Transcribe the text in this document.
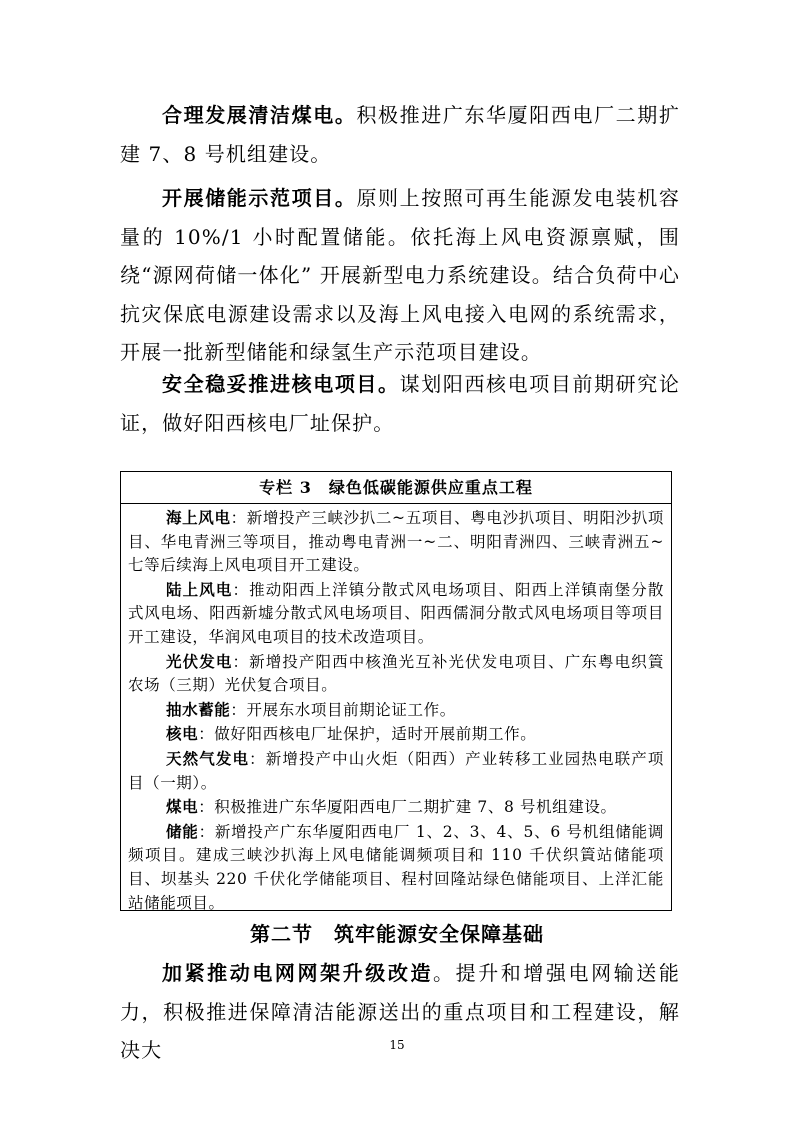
合理发展清洁煤电。积极推进广东华厦阳西电厂二期扩建 7、8 号机组建设。

开展储能示范项目。原则上按照可再生能源发电装机容量的 10%/1 小时配置储能。依托海上风电资源禀赋，围绕“源网荷储一体化” 开展新型电力系统建设。结合负荷中心抗灾保底电源建设需求以及海上风电接入电网的系统需求，开展一批新型储能和绿氢生产示范项目建设。

安全稳妥推进核电项目。谋划阳西核电项目前期研究论证，做好阳西核电厂址保护。

专栏 3　绿色低碳能源供应重点工程

海上风电：新增投产三峡沙扒二~五项目、粤电沙扒项目、明阳沙扒项目、华电青洲三等项目，推动粤电青洲一~二、明阳青洲四、三峡青洲五~七等后续海上风电项目开工建设。

陆上风电：推动阳西上洋镇分散式风电场项目、阳西上洋镇南堡分散式风电场、阳西新墟分散式风电场项目、阳西儒洞分散式风电场项目等项目开工建设，华润风电项目的技术改造项目。

光伏发电：新增投产阳西中核渔光互补光伏发电项目、广东粤电织篢农场（三期）光伏复合项目。

抽水蓄能：开展东水项目前期论证工作。

核电：做好阳西核电厂址保护，适时开展前期工作。

天然气发电：新增投产中山火炬（阳西）产业转移工业园热电联产项目（一期）。

煤电：积极推进广东华厦阳西电厂二期扩建 7、8 号机组建设。

储能：新增投产广东华厦阳西电厂 1、2、3、4、5、6 号机组储能调频项目。建成三峡沙扒海上风电储能调频项目和 110 千伏织篢站储能项目、坝基头 220 千伏化学储能项目、程村回隆站绿色储能项目、上洋汇能站储能项目。

第二节　筑牢能源安全保障基础

加紧推动电网网架升级改造。提升和增强电网输送能力，积极推进保障清洁能源送出的重点项目和工程建设，解决大	15
